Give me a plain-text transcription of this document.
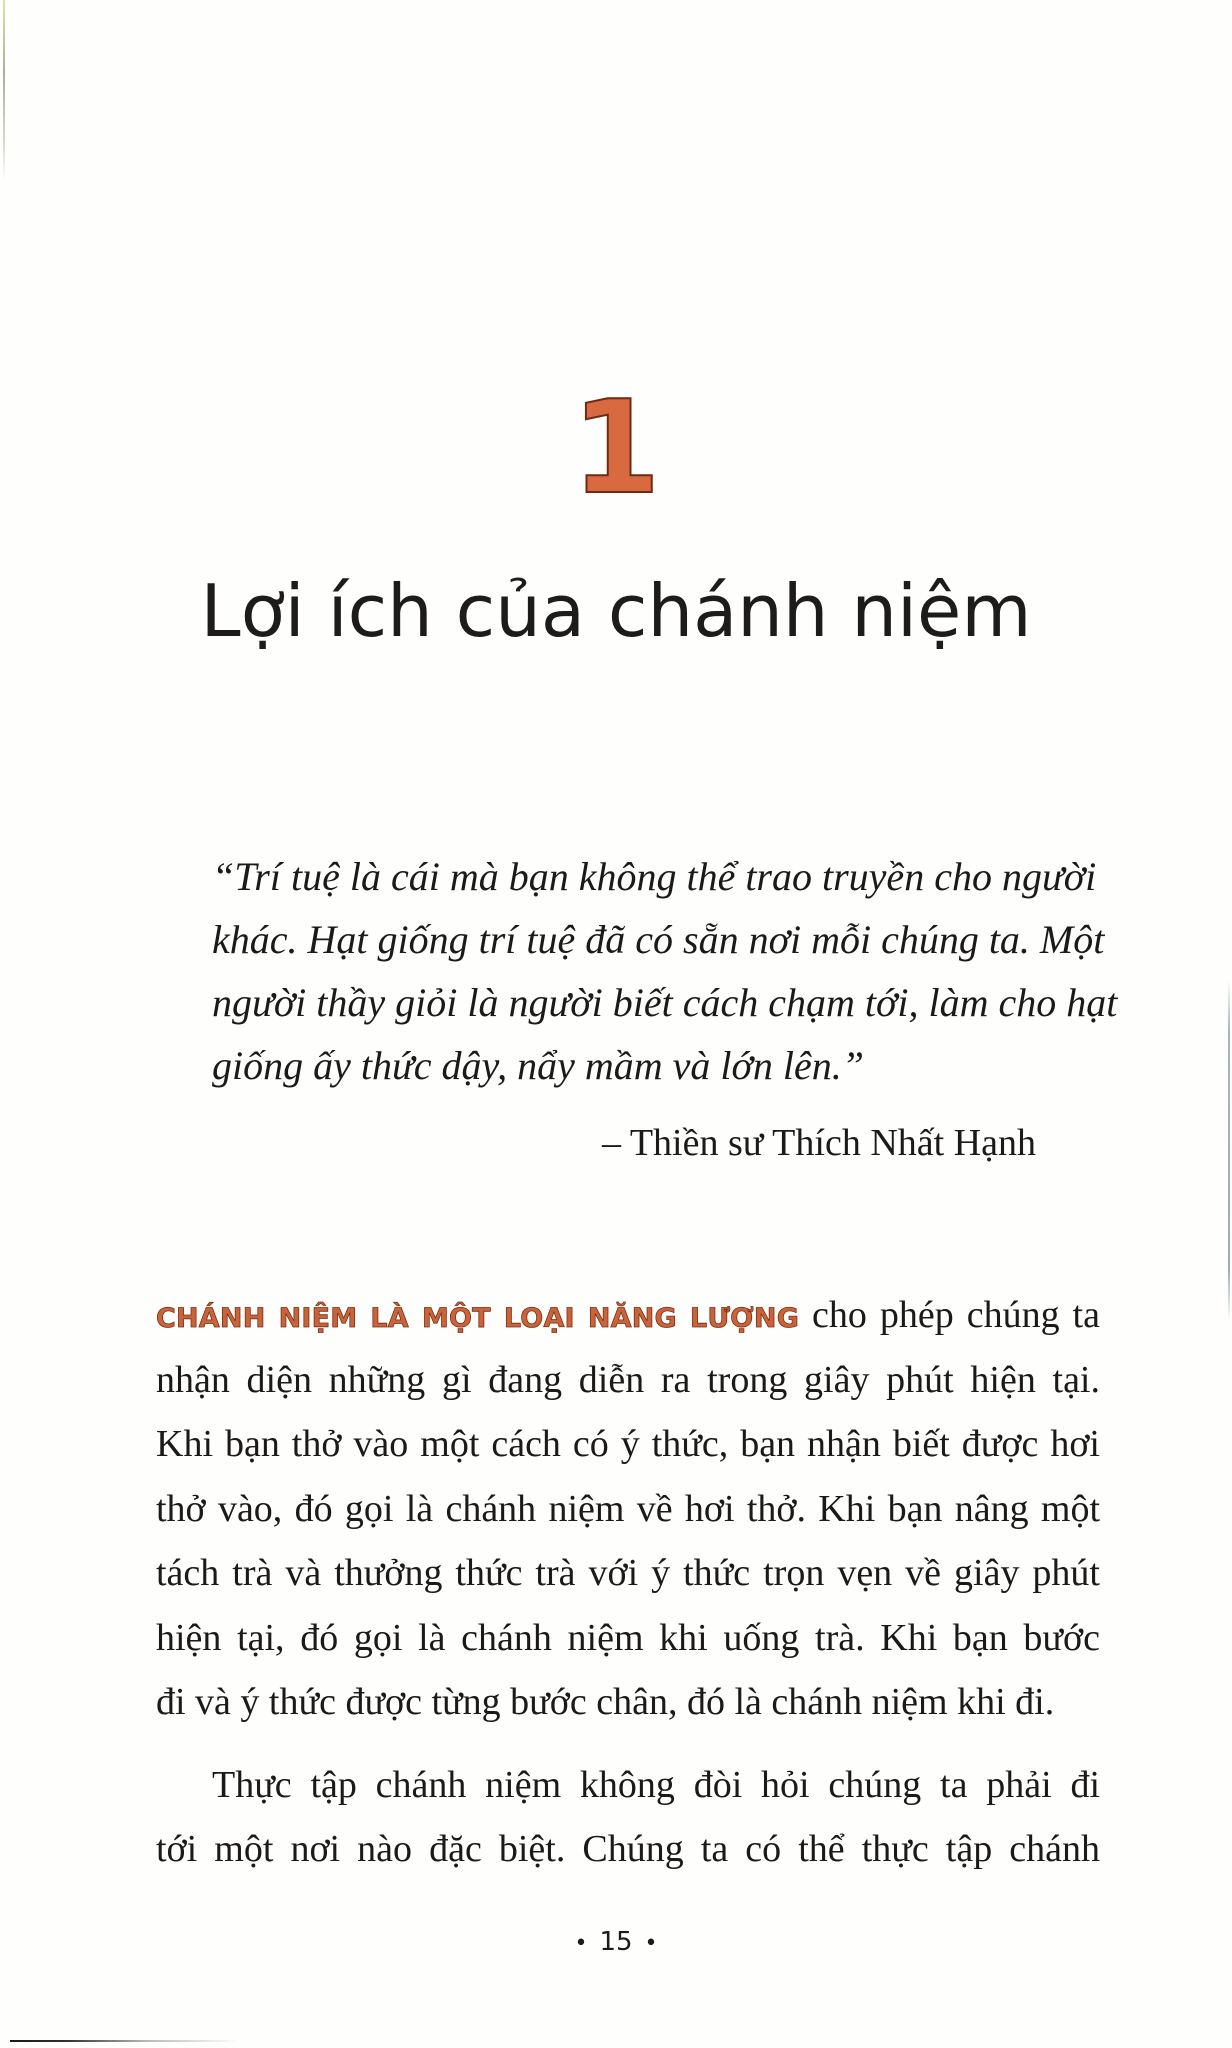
1
Lợi ích của chánh niệm
“Trí tuệ là cái mà bạn không thể trao truyền cho người
khác. Hạt giống trí tuệ đã có sẵn nơi mỗi chúng ta. Một
người thầy giỏi là người biết cách chạm tới, làm cho hạt
giống ấy thức dậy, nẩy mầm và lớn lên.”
– Thiền sư Thích Nhất Hạnh
CHÁNH NIỆM LÀ MỘT LOẠI NĂNG LƯỢNG cho phép chúng ta
nhận diện những gì đang diễn ra trong giây phút hiện tại.
Khi bạn thở vào một cách có ý thức, bạn nhận biết được hơi
thở vào, đó gọi là chánh niệm về hơi thở. Khi bạn nâng một
tách trà và thưởng thức trà với ý thức trọn vẹn về giây phút
hiện tại, đó gọi là chánh niệm khi uống trà. Khi bạn bước
đi và ý thức được từng bước chân, đó là chánh niệm khi đi.
Thực tập chánh niệm không đòi hỏi chúng ta phải đi
tới một nơi nào đặc biệt. Chúng ta có thể thực tập chánh
• 15 •
